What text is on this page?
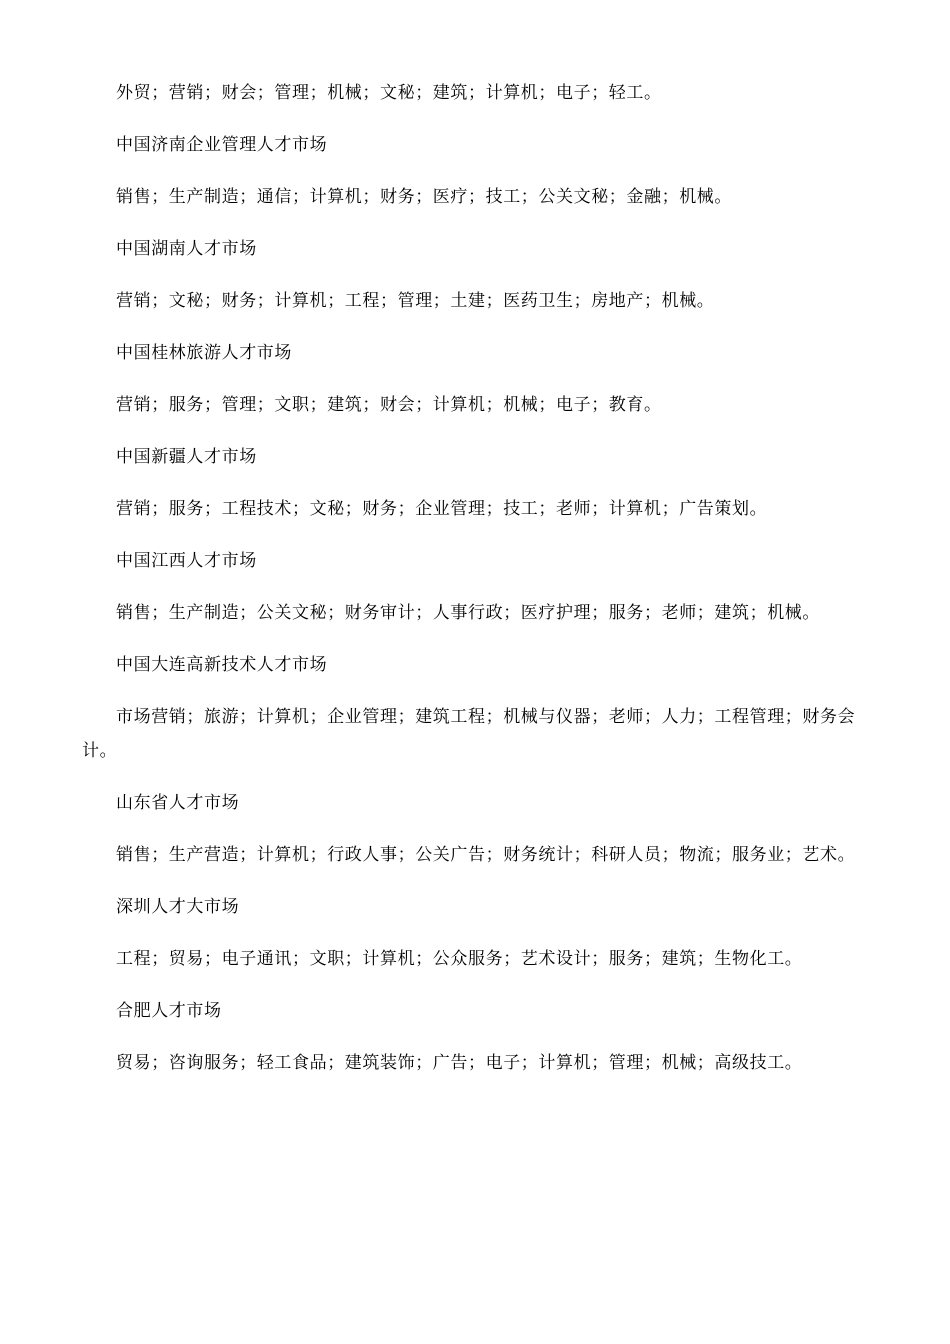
外贸；营销；财会；管理；机械；文秘；建筑；计算机；电子；轻工。

中国济南企业管理人才市场

销售；生产制造；通信；计算机；财务；医疗；技工；公关文秘；金融；机械。

中国湖南人才市场

营销；文秘；财务；计算机；工程；管理；土建；医药卫生；房地产；机械。

中国桂林旅游人才市场

营销；服务；管理；文职；建筑；财会；计算机；机械；电子；教育。

中国新疆人才市场

营销；服务；工程技术；文秘；财务；企业管理；技工；老师；计算机；广告策划。

中国江西人才市场

销售；生产制造；公关文秘；财务审计；人事行政；医疗护理；服务；老师；建筑；机械。

中国大连高新技术人才市场

市场营销；旅游；计算机；企业管理；建筑工程；机械与仪器；老师；人力；工程管理；财务会计。

山东省人才市场

销售；生产营造；计算机；行政人事；公关广告；财务统计；科研人员；物流；服务业；艺术。

深圳人才大市场

工程；贸易；电子通讯；文职；计算机；公众服务；艺术设计；服务；建筑；生物化工。

合肥人才市场

贸易；咨询服务；轻工食品；建筑装饰；广告；电子；计算机；管理；机械；高级技工。
